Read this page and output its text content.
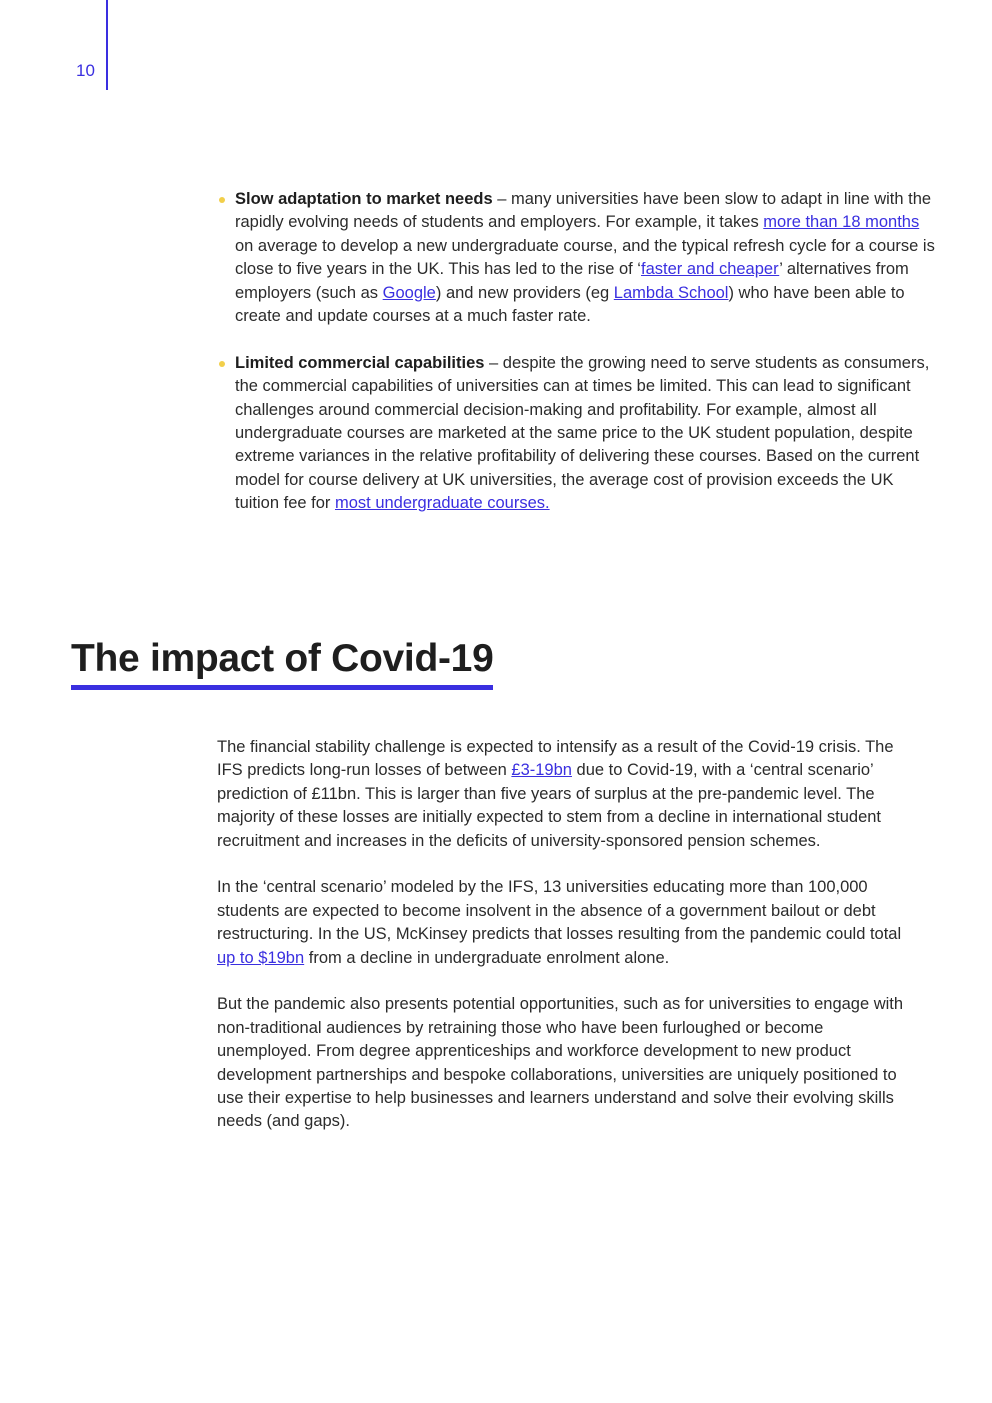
10
Slow adaptation to market needs – many universities have been slow to adapt in line with the rapidly evolving needs of students and employers. For example, it takes more than 18 months on average to develop a new undergraduate course, and the typical refresh cycle for a course is close to five years in the UK. This has led to the rise of ‘faster and cheaper’ alternatives from employers (such as Google) and new providers (eg Lambda School) who have been able to create and update courses at a much faster rate.
Limited commercial capabilities – despite the growing need to serve students as consumers, the commercial capabilities of universities can at times be limited. This can lead to significant challenges around commercial decision-making and profitability. For example, almost all undergraduate courses are marketed at the same price to the UK student population, despite extreme variances in the relative profitability of delivering these courses. Based on the current model for course delivery at UK universities, the average cost of provision exceeds the UK tuition fee for most undergraduate courses.
The impact of Covid-19

The financial stability challenge is expected to intensify as a result of the Covid-19 crisis. The IFS predicts long-run losses of between £3-19bn due to Covid-19, with a ‘central scenario’ prediction of £11bn. This is larger than five years of surplus at the pre-pandemic level. The majority of these losses are initially expected to stem from a decline in international student recruitment and increases in the deficits of university-sponsored pension schemes.

In the ‘central scenario’ modeled by the IFS, 13 universities educating more than 100,000 students are expected to become insolvent in the absence of a government bailout or debt restructuring. In the US, McKinsey predicts that losses resulting from the pandemic could total up to $19bn from a decline in undergraduate enrolment alone.

But the pandemic also presents potential opportunities, such as for universities to engage with non-traditional audiences by retraining those who have been furloughed or become unemployed. From degree apprenticeships and workforce development to new product development partnerships and bespoke collaborations, universities are uniquely positioned to use their expertise to help businesses and learners understand and solve their evolving skills needs (and gaps).
